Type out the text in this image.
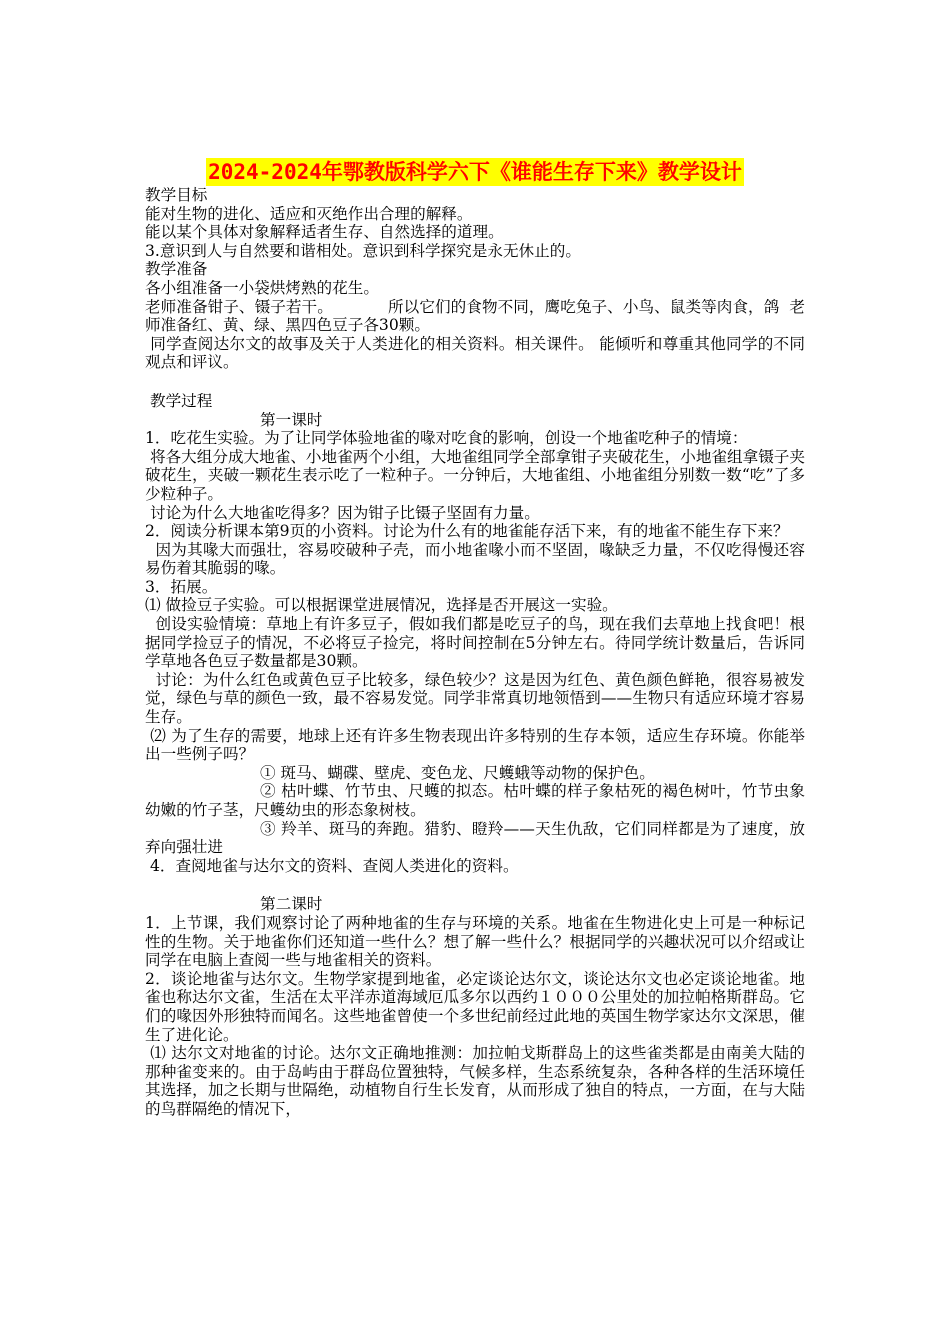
2024-2024年鄂教版科学六下《谁能生存下来》教学设计

教学目标

能对生物的进化、适应和灭绝作出合理的解释。

能以某个具体对象解释适者生存、自然选择的道理。

3.意识到人与自然要和谐相处。意识到科学探究是永无休止的。

教学准备

各小组准备一小袋烘烤熟的花生。

老师准备钳子、镊子若干。           所以它们的食物不同，鹰吃兔子、小鸟、鼠类等肉食，鸽  老师准备红、黄、绿、黑四色豆子各30颗。

同学查阅达尔文的故事及关于人类进化的相关资料。相关课件。 能倾听和尊重其他同学的不同观点和评议。

教学过程

第一课时

1．吃花生实验。为了让同学体验地雀的喙对吃食的影响，创设一个地雀吃种子的情境：

将各大组分成大地雀、小地雀两个小组，大地雀组同学全部拿钳子夹破花生，小地雀组拿镊子夹破花生，夹破一颗花生表示吃了一粒种子。一分钟后，大地雀组、小地雀组分别数一数“吃”了多少粒种子。

讨论为什么大地雀吃得多？因为钳子比镊子坚固有力量。

2．阅读分析课本第9页的小资料。讨论为什么有的地雀能存活下来，有的地雀不能生存下来？

因为其喙大而强壮，容易咬破种子壳，而小地雀喙小而不坚固，喙缺乏力量，不仅吃得慢还容易伤着其脆弱的喙。

3．拓展。

⑴ 做捡豆子实验。可以根据课堂进展情况，选择是否开展这一实验。

创设实验情境：草地上有许多豆子，假如我们都是吃豆子的鸟，现在我们去草地上找食吧！根据同学捡豆子的情况，不必将豆子捡完，将时间控制在5分钟左右。待同学统计数量后，告诉同学草地各色豆子数量都是30颗。

讨论：为什么红色或黄色豆子比较多，绿色较少？这是因为红色、黄色颜色鲜艳，很容易被发觉，绿色与草的颜色一致，最不容易发觉。同学非常真切地领悟到——生物只有适应环境才容易生存。

⑵ 为了生存的需要，地球上还有许多生物表现出许多特别的生存本领，适应生存环境。你能举出一些例子吗？

① 斑马、蝴碟、壁虎、变色龙、尺蠖蛾等动物的保护色。

② 枯叶蝶、竹节虫、尺蠖的拟态。枯叶蝶的样子象枯死的褐色树叶，竹节虫象幼嫩的竹子茎，尺蠖幼虫的形态象树枝。

③ 羚羊、斑马的奔跑。猎豹、瞪羚——天生仇敌，它们同样都是为了速度，放弃向强壮进

4．查阅地雀与达尔文的资料、查阅人类进化的资料。

第二课时

1．上节课，我们观察讨论了两种地雀的生存与环境的关系。地雀在生物进化史上可是一种标记性的生物。关于地雀你们还知道一些什么？想了解一些什么？根据同学的兴趣状况可以介绍或让同学在电脑上查阅一些与地雀相关的资料。

2．谈论地雀与达尔文。生物学家提到地雀，必定谈论达尔文，谈论达尔文也必定谈论地雀。地雀也称达尔文雀，生活在太平洋赤道海域厄瓜多尔以西约１０００公里处的加拉帕格斯群岛。它们的喙因外形独特而闻名。这些地雀曾使一个多世纪前经过此地的英国生物学家达尔文深思，催生了进化论。

⑴ 达尔文对地雀的讨论。达尔文正确地推测：加拉帕戈斯群岛上的这些雀类都是由南美大陆的那种雀变来的。由于岛屿由于群岛位置独特，气候多样，生态系统复杂，各种各样的生活环境任其选择，加之长期与世隔绝，动植物自行生长发育，从而形成了独自的特点，一方面，在与大陆的鸟群隔绝的情况下，
